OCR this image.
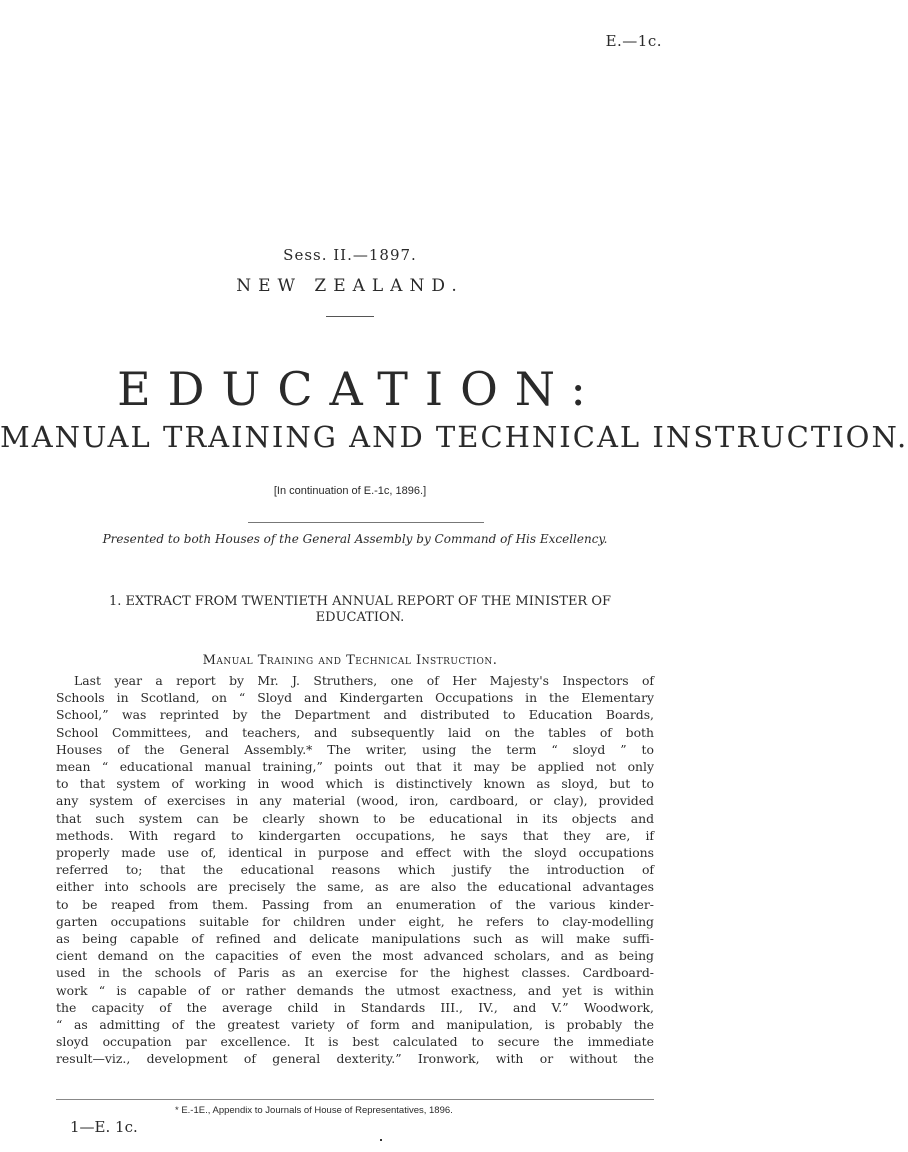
E.—1c.
Sess. II.—1897.
NEW ZEALAND.
EDUCATION:
MANUAL TRAINING AND TECHNICAL INSTRUCTION.
[In continuation of E.-1c, 1896.]
Presented to both Houses of the General Assembly by Command of His Excellency.
1. EXTRACT FROM TWENTIETH ANNUAL REPORT OF THE MINISTER OF
EDUCATION.
Manual Training and Technical Instruction.
Last year a report by Mr. J. Struthers, one of Her Majesty's Inspectors of
Schools in Scotland, on “ Sloyd and Kindergarten Occupations in the Elementary
School,” was reprinted by the Department and distributed to Education Boards,
School Committees, and teachers, and subsequently laid on the tables of both
Houses of the General Assembly.* The writer, using the term “ sloyd ” to
mean “ educational manual training,” points out that it may be applied not only
to that system of working in wood which is distinctively known as sloyd, but to
any system of exercises in any material (wood, iron, cardboard, or clay), provided
that such system can be clearly shown to be educational in its objects and
methods. With regard to kindergarten occupations, he says that they are, if
properly made use of, identical in purpose and effect with the sloyd occupations
referred to; that the educational reasons which justify the introduction of
either into schools are precisely the same, as are also the educational advantages
to be reaped from them. Passing from an enumeration of the various kinder-
garten occupations suitable for children under eight, he refers to clay-modelling
as being capable of refined and delicate manipulations such as will make suffi-
cient demand on the capacities of even the most advanced scholars, and as being
used in the schools of Paris as an exercise for the highest classes. Cardboard-
work “ is capable of or rather demands the utmost exactness, and yet is within
the capacity of the average child in Standards III., IV., and V.” Woodwork,
“ as admitting of the greatest variety of form and manipulation, is probably the
sloyd occupation par excellence. It is best calculated to secure the immediate
result—viz., development of general dexterity.” Ironwork, with or without the
* E.-1E., Appendix to Journals of House of Representatives, 1896.
1—E. 1c.
